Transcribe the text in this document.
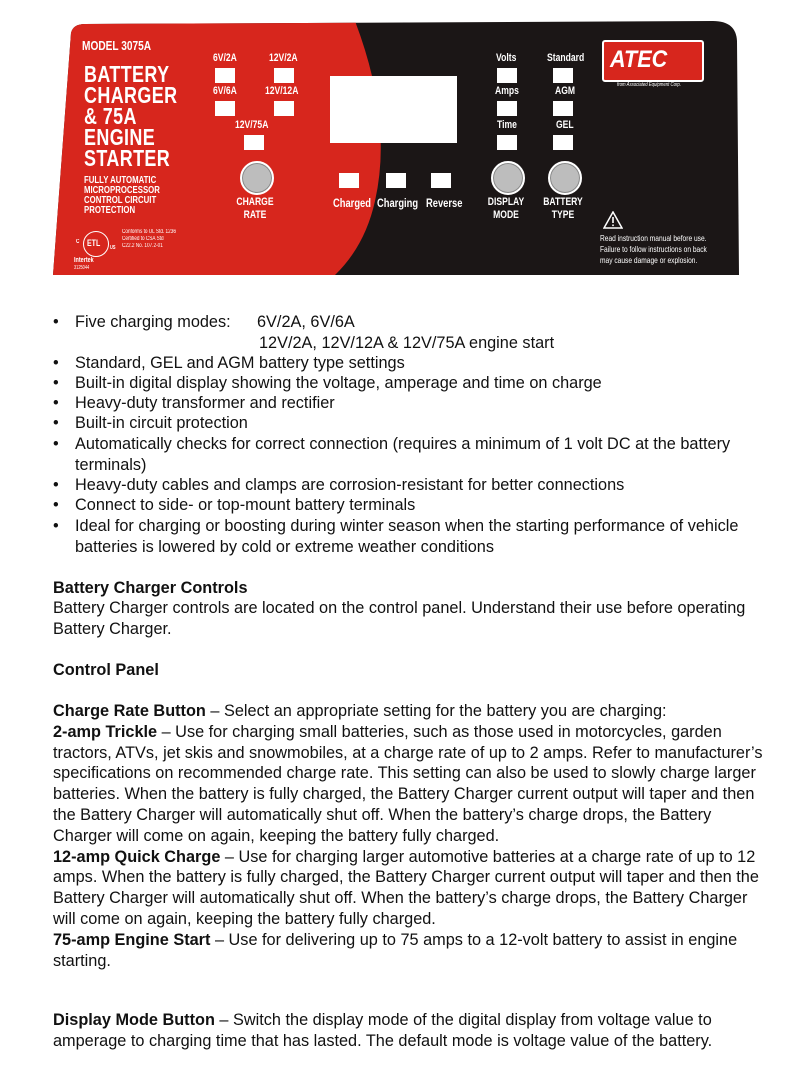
MODEL 3075A
BATTERY
CHARGER
& 75A
ENGINE
STARTER
FULLY AUTOMATIC
MICROPROCESSOR
CONTROL CIRCUIT
PROTECTION
ETL
C
US
Conforms to UL Std. 1236
Certified to CSA Std
C22.2 No. 107.2-01
Intertek
3125044
6V/2A	12V/2A
6V/6A	12V/12A
12V/75A
CHARGE
RATE
Charged Charging Reverse
Volts
Amps
Time
Standard
AGM
GEL
DISPLAY
MODE
BATTERY
TYPE
ATEC
from Associated Equipment Corp.
Read instruction manual before use.
Failure to follow instructions on back
may cause damage or explosion.
• Five charging modes: 6V/2A, 6V/6A
12V/2A, 12V/12A & 12V/75A engine start
• Standard, GEL and AGM battery type settings
• Built-in digital display showing the voltage, amperage and time on charge
• Heavy-duty transformer and rectifier
• Built-in circuit protection
• Automatically checks for correct connection (requires a minimum of 1 volt DC at the battery terminals)
• Heavy-duty cables and clamps are corrosion-resistant for better connections
• Connect to side- or top-mount battery terminals
• Ideal for charging or boosting during winter season when the starting performance of vehicle batteries is lowered by cold or extreme weather conditions
Battery Charger Controls
Battery Charger controls are located on the control panel. Understand their use before operating Battery Charger.
Control Panel
Charge Rate Button – Select an appropriate setting for the battery you are charging:
2-amp Trickle – Use for charging small batteries, such as those used in motorcycles, garden tractors, ATVs, jet skis and snowmobiles, at a charge rate of up to 2 amps. Refer to manufacturer’s specifications on recommended charge rate. This setting can also be used to slowly charge larger batteries. When the battery is fully charged, the Battery Charger current output will taper and then the Battery Charger will automatically shut off. When the battery’s charge drops, the Battery Charger will come on again, keeping the battery fully charged.
12-amp Quick Charge – Use for charging larger automotive batteries at a charge rate of up to 12 amps. When the battery is fully charged, the Battery Charger current output will taper and then the Battery Charger will automatically shut off. When the battery’s charge drops, the Battery Charger will come on again, keeping the battery fully charged.
75-amp Engine Start – Use for delivering up to 75 amps to a 12-volt battery to assist in engine starting.
Display Mode Button – Switch the display mode of the digital display from voltage value to amperage to charging time that has lasted. The default mode is voltage value of the battery.
